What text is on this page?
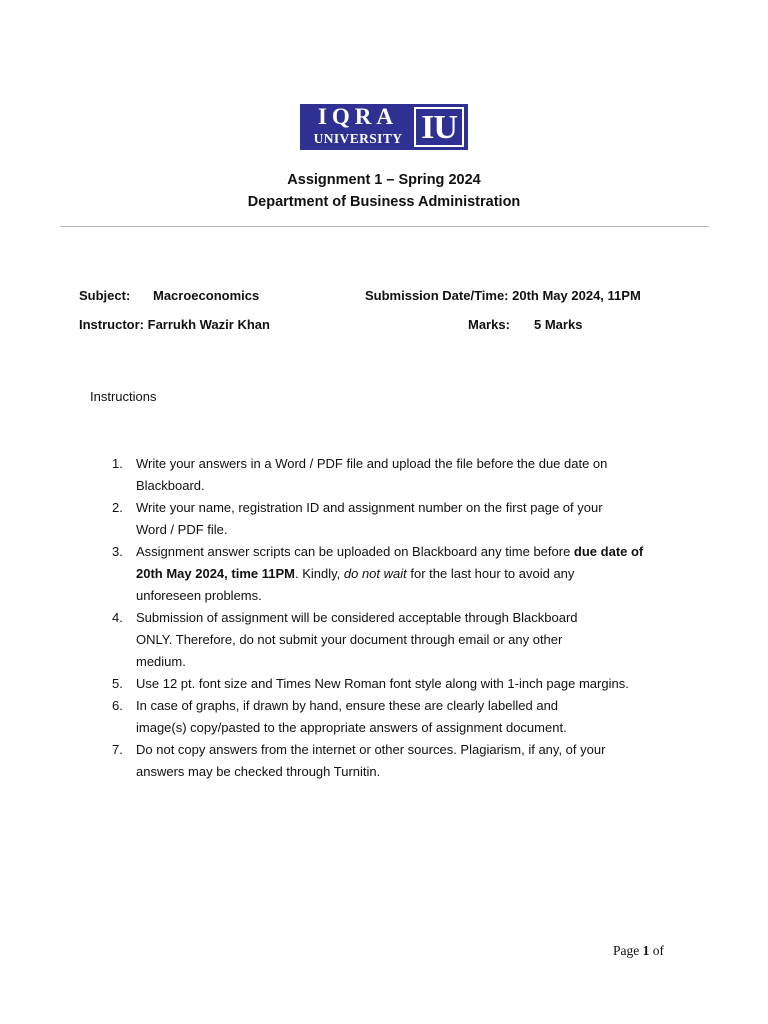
IQRA
UNIVERSITY IU
Assignment 1 – Spring 2024
Department of Business Administration
Subject: Macroeconomics	Submission Date/Time: 20th May 2024, 11PM
Instructor: Farrukh Wazir Khan	Marks: 5 Marks
Instructions
1. Write your answers in a Word / PDF file and upload the file before the due date on
Blackboard.
2. Write your name, registration ID and assignment number on the first page of your
Word / PDF file.
3. Assignment answer scripts can be uploaded on Blackboard any time before due date of
20th May 2024, time 11PM. Kindly, do not wait for the last hour to avoid any
unforeseen problems.
4. Submission of assignment will be considered acceptable through Blackboard
ONLY. Therefore, do not submit your document through email or any other
medium.
5. Use 12 pt. font size and Times New Roman font style along with 1-inch page margins.
6. In case of graphs, if drawn by hand, ensure these are clearly labelled and
image(s) copy/pasted to the appropriate answers of assignment document.
7. Do not copy answers from the internet or other sources. Plagiarism, if any, of your
answers may be checked through Turnitin.
Page 1 of
